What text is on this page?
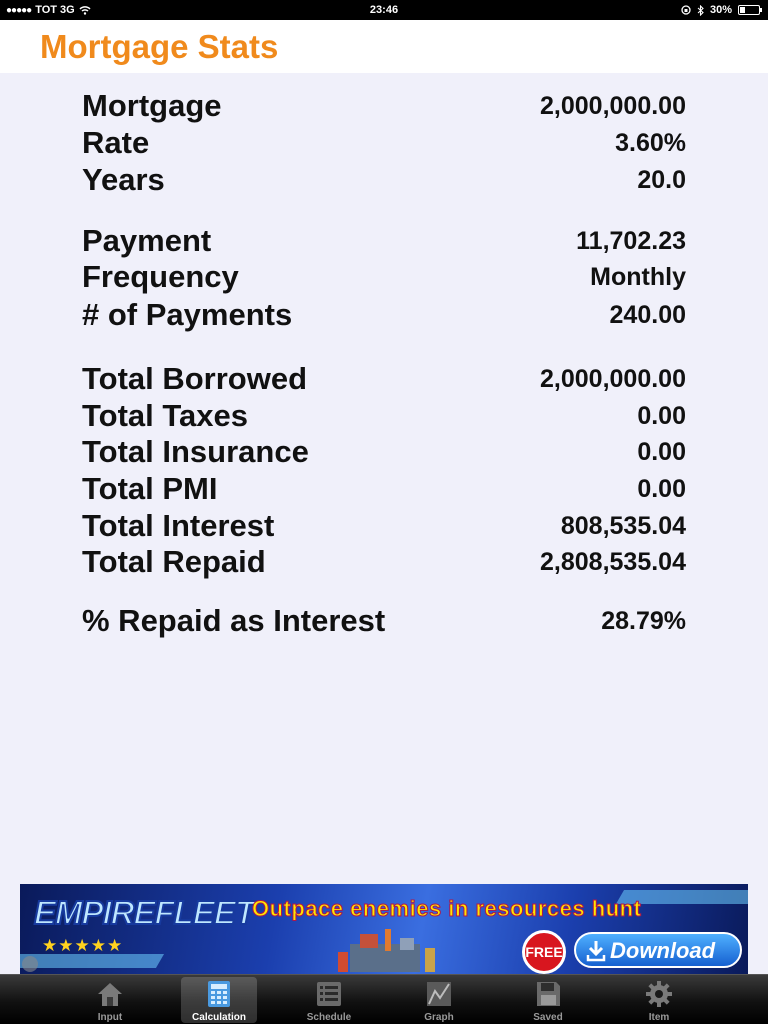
●●●●● TOT 3G	23:46	30%
Mortgage Stats
Mortgage	2,000,000.00
Rate	3.60%
Years	20.0
Payment	11,702.23
Frequency	Monthly
# of Payments	240.00
Total Borrowed	2,000,000.00
Total Taxes	0.00
Total Insurance	0.00
Total PMI	0.00
Total Interest	808,535.04
Total Repaid	2,808,535.04
% Repaid as Interest	28.79%
EMPIREFLEET
★★★★★
Outpace enemies in resources hunt
FREE Download
Input	Calculation	Schedule	Graph	Saved	Item
